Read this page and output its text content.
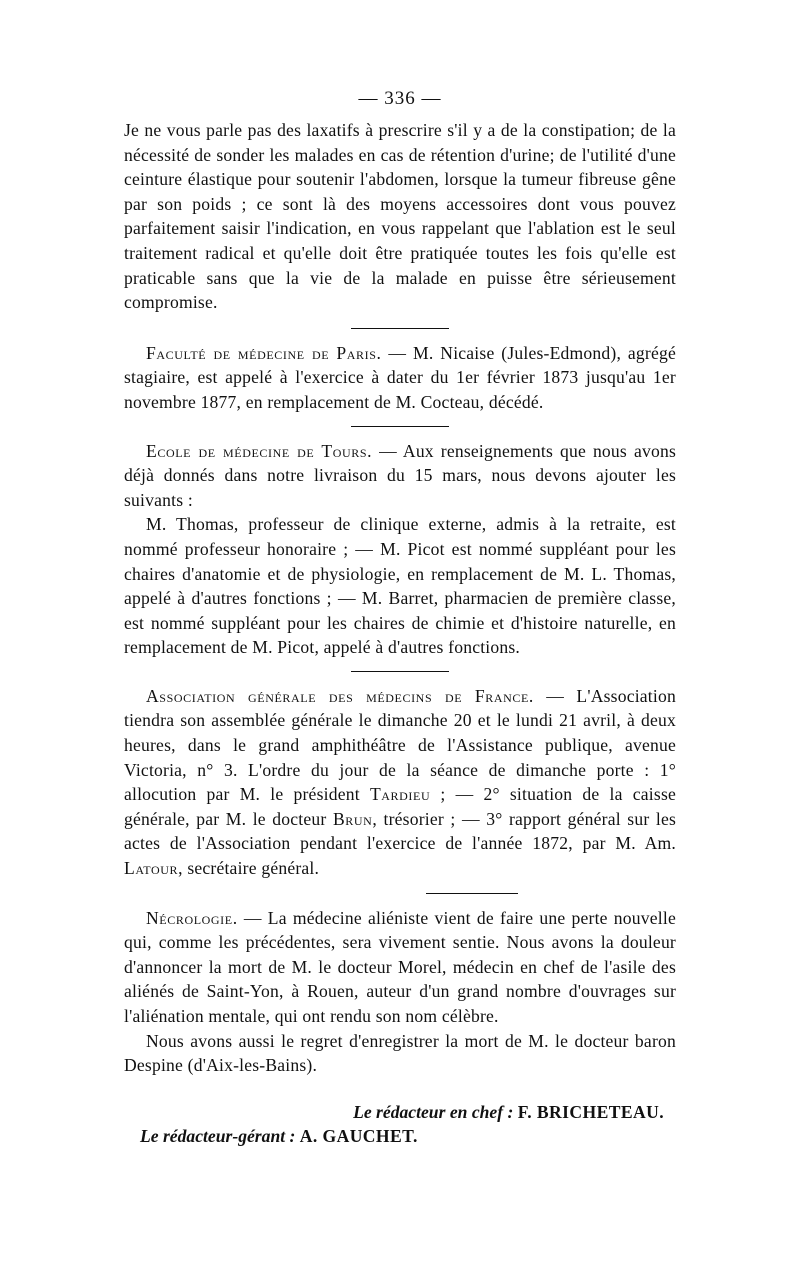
— 336 —

Je ne vous parle pas des laxatifs à prescrire s'il y a de la constipation; de la nécessité de sonder les malades en cas de rétention d'urine; de l'utilité d'une ceinture élastique pour soutenir l'abdomen, lorsque la tumeur fibreuse gêne par son poids ; ce sont là des moyens accessoires dont vous pouvez parfaitement saisir l'indication, en vous rappelant que l'ablation est le seul traitement radical et qu'elle doit être pratiquée toutes les fois qu'elle est praticable sans que la vie de la malade en puisse être sérieusement compromise.

Faculté de médecine de Paris. — M. Nicaise (Jules-Edmond), agrégé stagiaire, est appelé à l'exercice à dater du 1er février 1873 jusqu'au 1er novembre 1877, en remplacement de M. Cocteau, décédé.

Ecole de médecine de Tours. — Aux renseignements que nous avons déjà donnés dans notre livraison du 15 mars, nous devons ajouter les suivants :

M. Thomas, professeur de clinique externe, admis à la retraite, est nommé professeur honoraire ; — M. Picot est nommé suppléant pour les chaires d'anatomie et de physiologie, en remplacement de M. L. Thomas, appelé à d'autres fonctions ; — M. Barret, pharmacien de première classe, est nommé suppléant pour les chaires de chimie et d'histoire naturelle, en remplacement de M. Picot, appelé à d'autres fonctions.

Association générale des médecins de France. — L'Association tiendra son assemblée générale le dimanche 20 et le lundi 21 avril, à deux heures, dans le grand amphithéâtre de l'Assistance publique, avenue Victoria, n° 3. L'ordre du jour de la séance de dimanche porte : 1° allocution par M. le président Tardieu ; — 2° situation de la caisse générale, par M. le docteur Brun, trésorier ; — 3° rapport général sur les actes de l'Association pendant l'exercice de l'année 1872, par M. Am. Latour, secrétaire général.

Nécrologie. — La médecine aliéniste vient de faire une perte nouvelle qui, comme les précédentes, sera vivement sentie. Nous avons la douleur d'annoncer la mort de M. le docteur Morel, médecin en chef de l'asile des aliénés de Saint-Yon, à Rouen, auteur d'un grand nombre d'ouvrages sur l'aliénation mentale, qui ont rendu son nom célèbre.

Nous avons aussi le regret d'enregistrer la mort de M. le docteur baron Despine (d'Aix-les-Bains).

Le rédacteur en chef : F. BRICHETEAU.
Le rédacteur-gérant : A. GAUCHET.
